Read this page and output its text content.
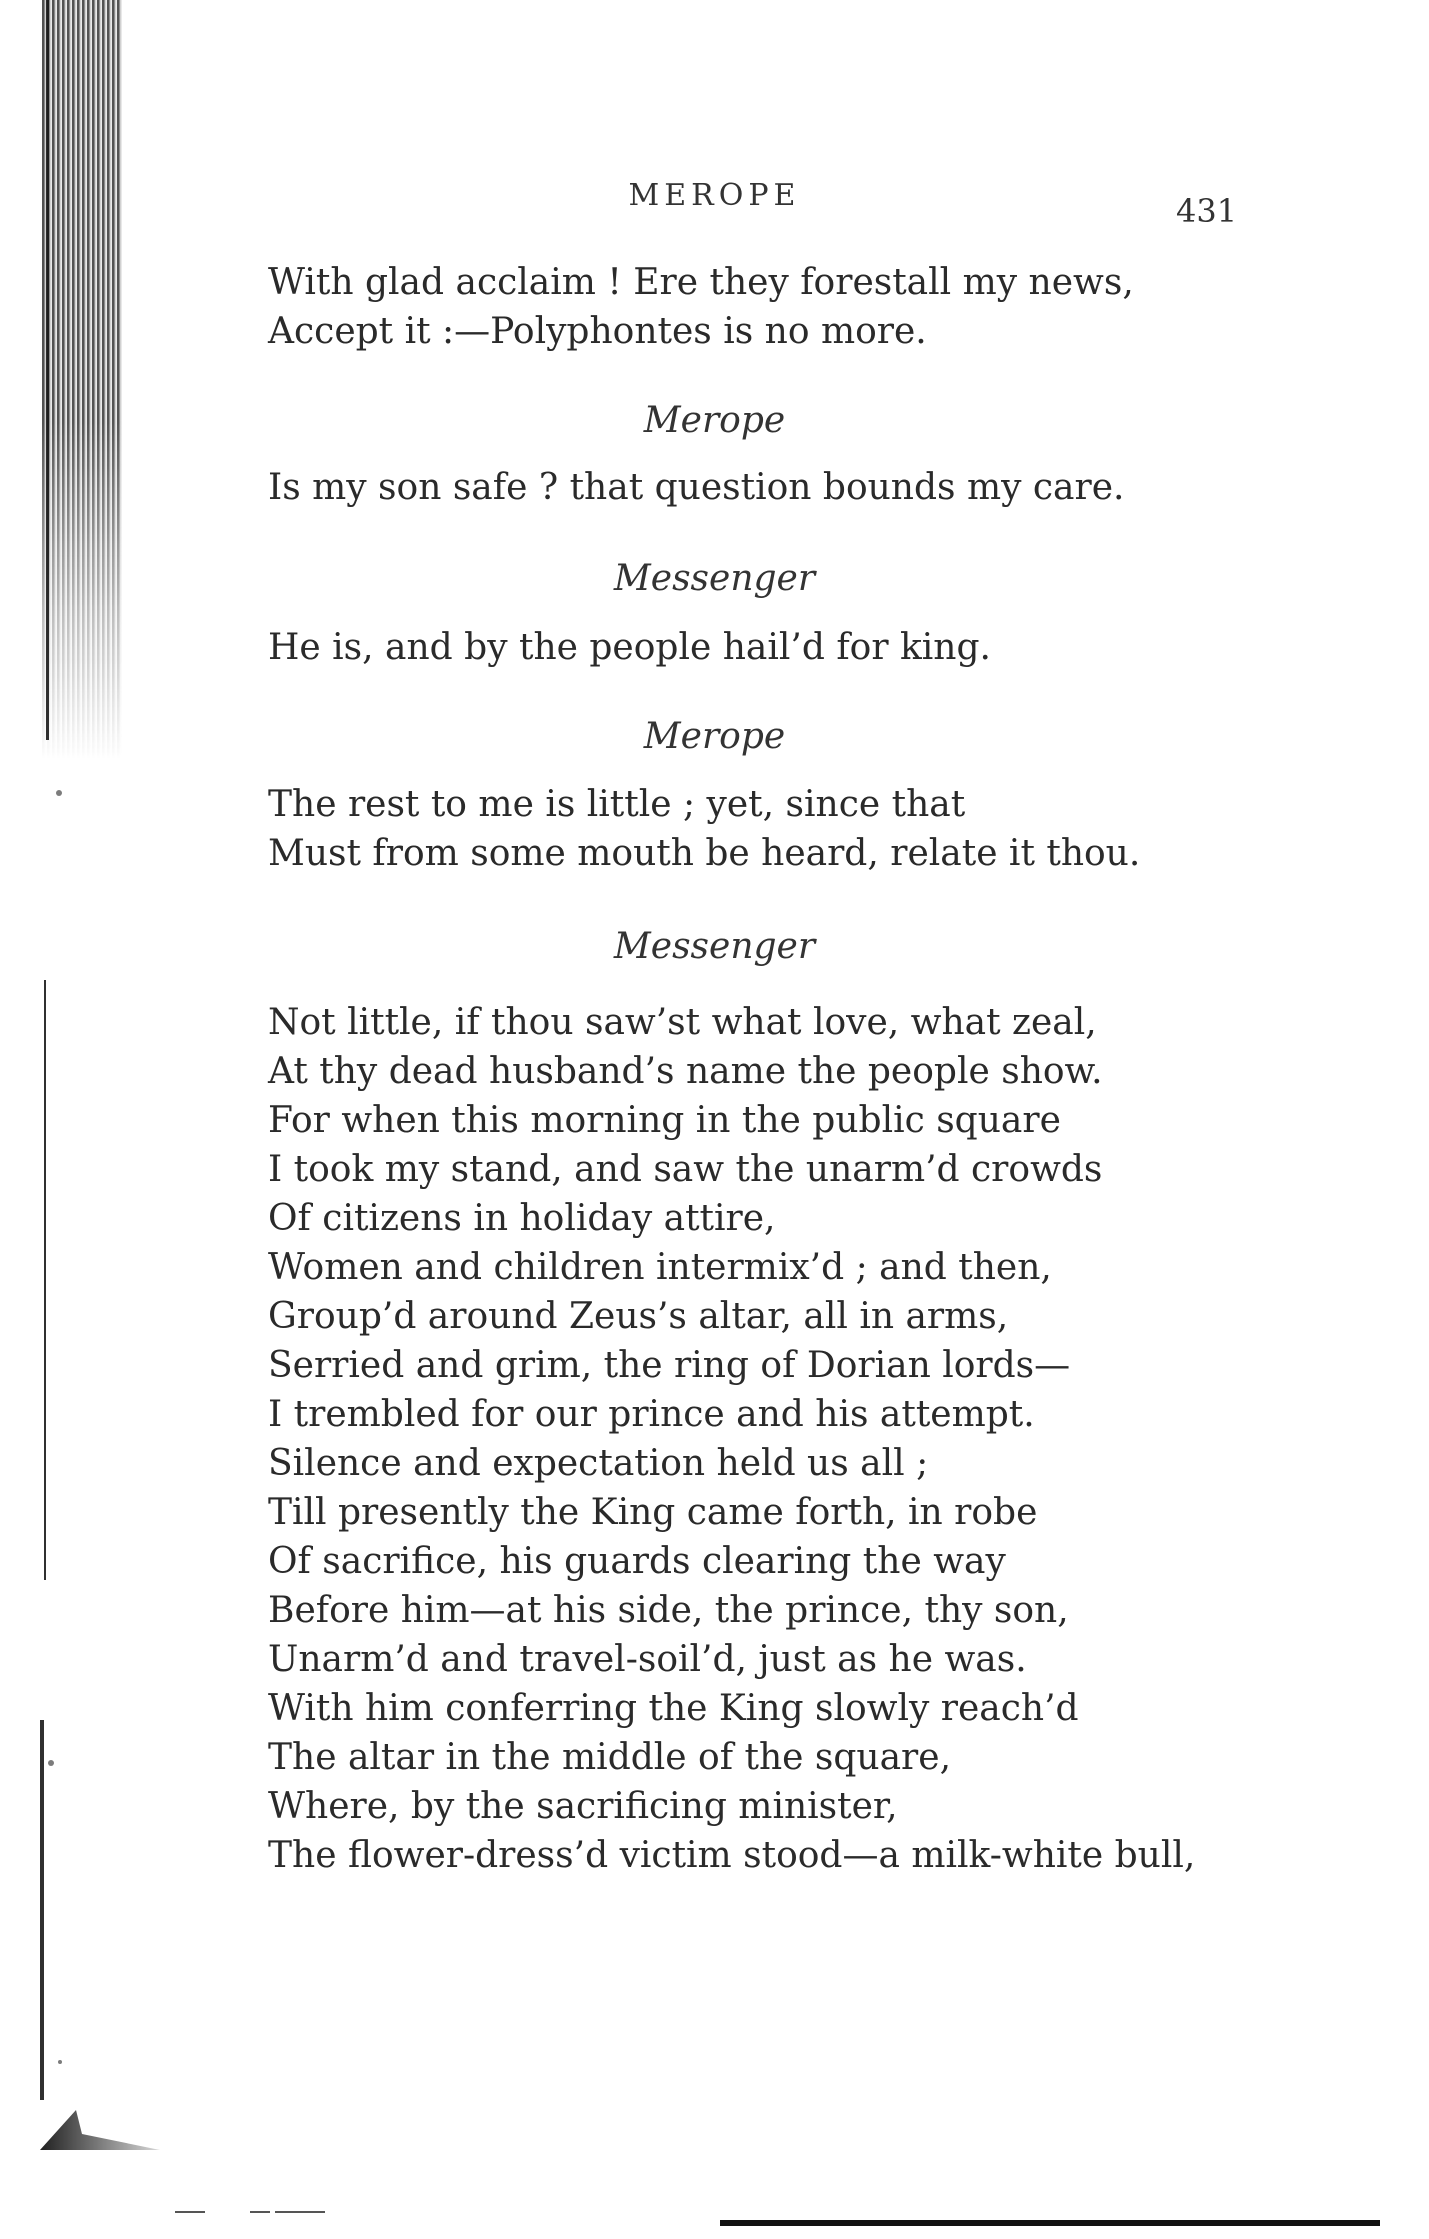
MEROPE	431
With glad acclaim ! Ere they forestall my news,
Accept it :—Polyphontes is no more.
Merope
Is my son safe ? that question bounds my care.
Messenger
He is, and by the people hail’d for king.
Merope
The rest to me is little ; yet, since that
Must from some mouth be heard, relate it thou.
Messenger
Not little, if thou saw’st what love, what zeal,
At thy dead husband’s name the people show.
For when this morning in the public square
I took my stand, and saw the unarm’d crowds
Of citizens in holiday attire,
Women and children intermix’d ; and then,
Group’d around Zeus’s altar, all in arms,
Serried and grim, the ring of Dorian lords—
I trembled for our prince and his attempt.
Silence and expectation held us all ;
Till presently the King came forth, in robe
Of sacrifice, his guards clearing the way
Before him—at his side, the prince, thy son,
Unarm’d and travel-soil’d, just as he was.
With him conferring the King slowly reach’d
The altar in the middle of the square,
Where, by the sacrificing minister,
The flower-dress’d victim stood—a milk-white bull,
